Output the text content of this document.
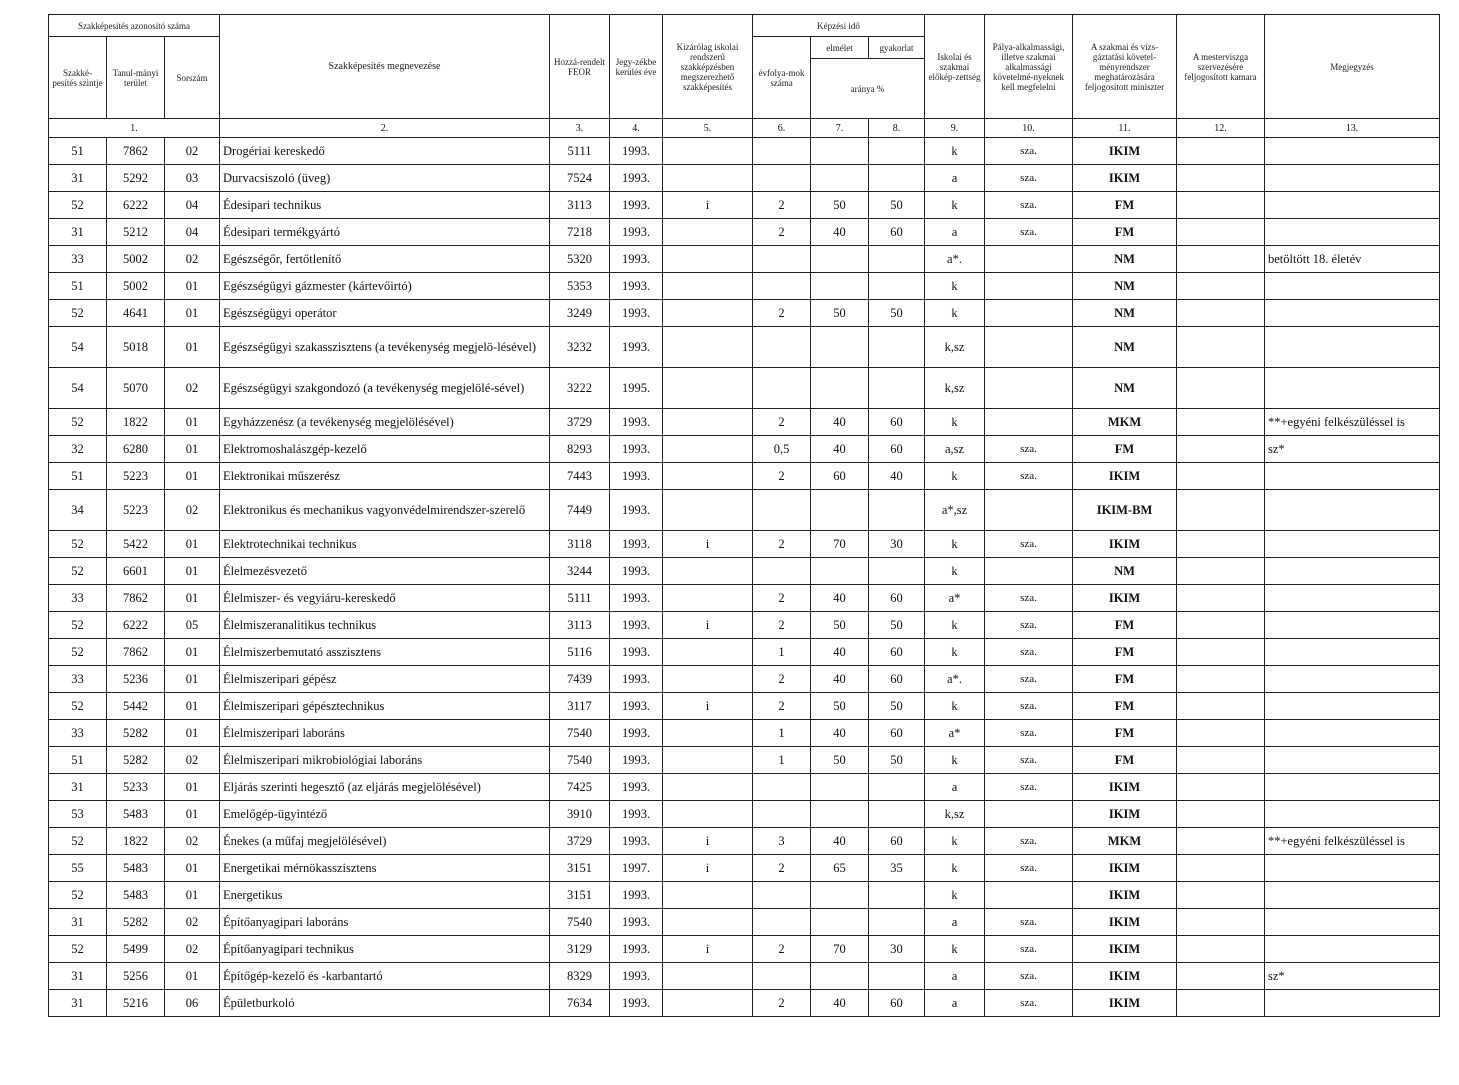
Szakképesítés azonosító száma			Szakképesítés megnevezése	Hozzá-rendelt FEOR	Jegy-zékbe kerülés éve	Kizárólag iskolai rendszerű szakképzésben megszerezhető szakképesítés	Képzési idő			Iskolai és szakmai előkép-zettség	Pálya-alkalmassági, illetve szakmai alkalmassági követelmé-nyeknek kell megfelelni	A szakmai és vizs-gáztatási követel-ményrendszer meghatározására feljogosított miniszter	A mesterviszga szervezésére feljogosított kamara	Megjegyzés
Szakké-pesítés szintje	Tanul-mányi terület	Sorszám					évfolya-mok száma	elmélet	gyakorlat					
								aránya %						
1.			2.	3.	4.	5.	6.	7.	8.	9.	10.	11.	12.	13.
51	7862	02	Drogériai kereskedő	5111	1993.					k	sza.	IKIM		
31	5292	03	Durvacsiszoló (üveg)	7524	1993.					a	sza.	IKIM		
52	6222	04	Édesipari technikus	3113	1993.	i	2	50	50	k	sza.	FM		
31	5212	04	Édesipari termékgyártó	7218	1993.		2	40	60	a	sza.	FM		
33	5002	02	Egészségőr, fertőtlenítő	5320	1993.					a*.		NM		betöltött 18. életév
51	5002	01	Egészségügyi gázmester (kártevőirtó)	5353	1993.					k		NM		
52	4641	01	Egészségügyi operátor	3249	1993.		2	50	50	k		NM		
54	5018	01	Egészségügyi szakasszisztens (a tevékenység megjelö-lésével)	3232	1993.					k,sz		NM		
54	5070	02	Egészségügyi szakgondozó (a tevékenység megjelölé-sével)	3222	1995.					k,sz		NM		
52	1822	01	Egyházzenész (a tevékenység megjelölésével)	3729	1993.		2	40	60	k		MKM		**+egyéni felkészüléssel is
32	6280	01	Elektromoshalászgép-kezelő	8293	1993.		0,5	40	60	a,sz	sza.	FM		sz*
51	5223	01	Elektronikai műszerész	7443	1993.		2	60	40	k	sza.	IKIM		
34	5223	02	Elektronikus és mechanikus vagyonvédelmirendszer-szerelő	7449	1993.					a*,sz		IKIM-BM		
52	5422	01	Elektrotechnikai technikus	3118	1993.	i	2	70	30	k	sza.	IKIM		
52	6601	01	Élelmezésvezető	3244	1993.					k		NM		
33	7862	01	Élelmiszer- és vegyiáru-kereskedő	5111	1993.		2	40	60	a*	sza.	IKIM		
52	6222	05	Élelmiszeranalitikus technikus	3113	1993.	i	2	50	50	k	sza.	FM		
52	7862	01	Élelmiszerbemutató asszisztens	5116	1993.		1	40	60	k	sza.	FM		
33	5236	01	Élelmiszeripari gépész	7439	1993.		2	40	60	a*.	sza.	FM		
52	5442	01	Élelmiszeripari gépésztechnikus	3117	1993.	i	2	50	50	k	sza.	FM		
33	5282	01	Élelmiszeripari laboráns	7540	1993.		1	40	60	a*	sza.	FM		
51	5282	02	Élelmiszeripari mikrobiológiai laboráns	7540	1993.		1	50	50	k	sza.	FM		
31	5233	01	Eljárás szerinti hegesztő (az eljárás megjelölésével)	7425	1993.					a	sza.	IKIM		
53	5483	01	Emelőgép-ügyintéző	3910	1993.					k,sz		IKIM		
52	1822	02	Énekes (a műfaj megjelölésével)	3729	1993.	i	3	40	60	k	sza.	MKM		**+egyéni felkészüléssel is
55	5483	01	Energetikai mérnökasszisztens	3151	1997.	i	2	65	35	k	sza.	IKIM		
52	5483	01	Energetikus	3151	1993.					k		IKIM		
31	5282	02	Építőanyagipari laboráns	7540	1993.					a	sza.	IKIM		
52	5499	02	Építőanyagipari technikus	3129	1993.	i	2	70	30	k	sza.	IKIM		
31	5256	01	Építőgép-kezelő és -karbantartó	8329	1993.					a	sza.	IKIM		sz*
31	5216	06	Épületburkoló	7634	1993.		2	40	60	a	sza.	IKIM		
